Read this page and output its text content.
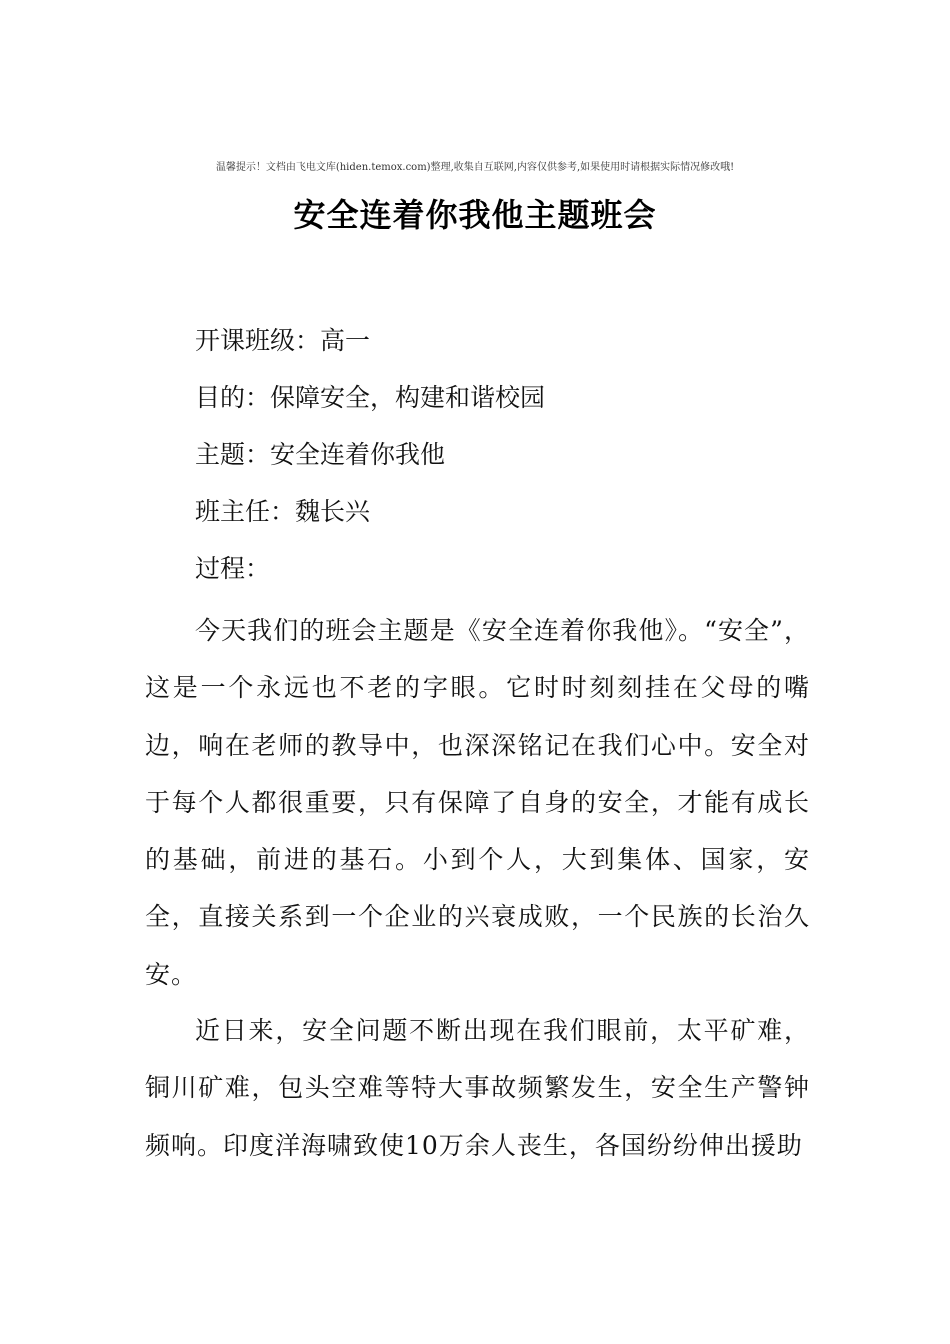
温馨提示！文档由飞电文库(hiden.temox.com)整理,收集自互联网,内容仅供参考,如果使用时请根据实际情况修改哦!
安全连着你我他主题班会
开课班级：高一
目的：保障安全，构建和谐校园
主题：安全连着你我他
班主任：魏长兴
过程：

今天我们的班会主题是《安全连着你我他》。“安全”，这是一个永远也不老的字眼。它时时刻刻挂在父母的嘴边，响在老师的教导中，也深深铭记在我们心中。安全对于每个人都很重要，只有保障了自身的安全，才能有成长的基础，前进的基石。小到个人，大到集体、国家，安全，直接关系到一个企业的兴衰成败，一个民族的长治久安。

近日来，安全问题不断出现在我们眼前，太平矿难，铜川矿难，包头空难等特大事故频繁发生，安全生产警钟频响。印度洋海啸致使10万余人丧生，各国纷纷伸出援助
